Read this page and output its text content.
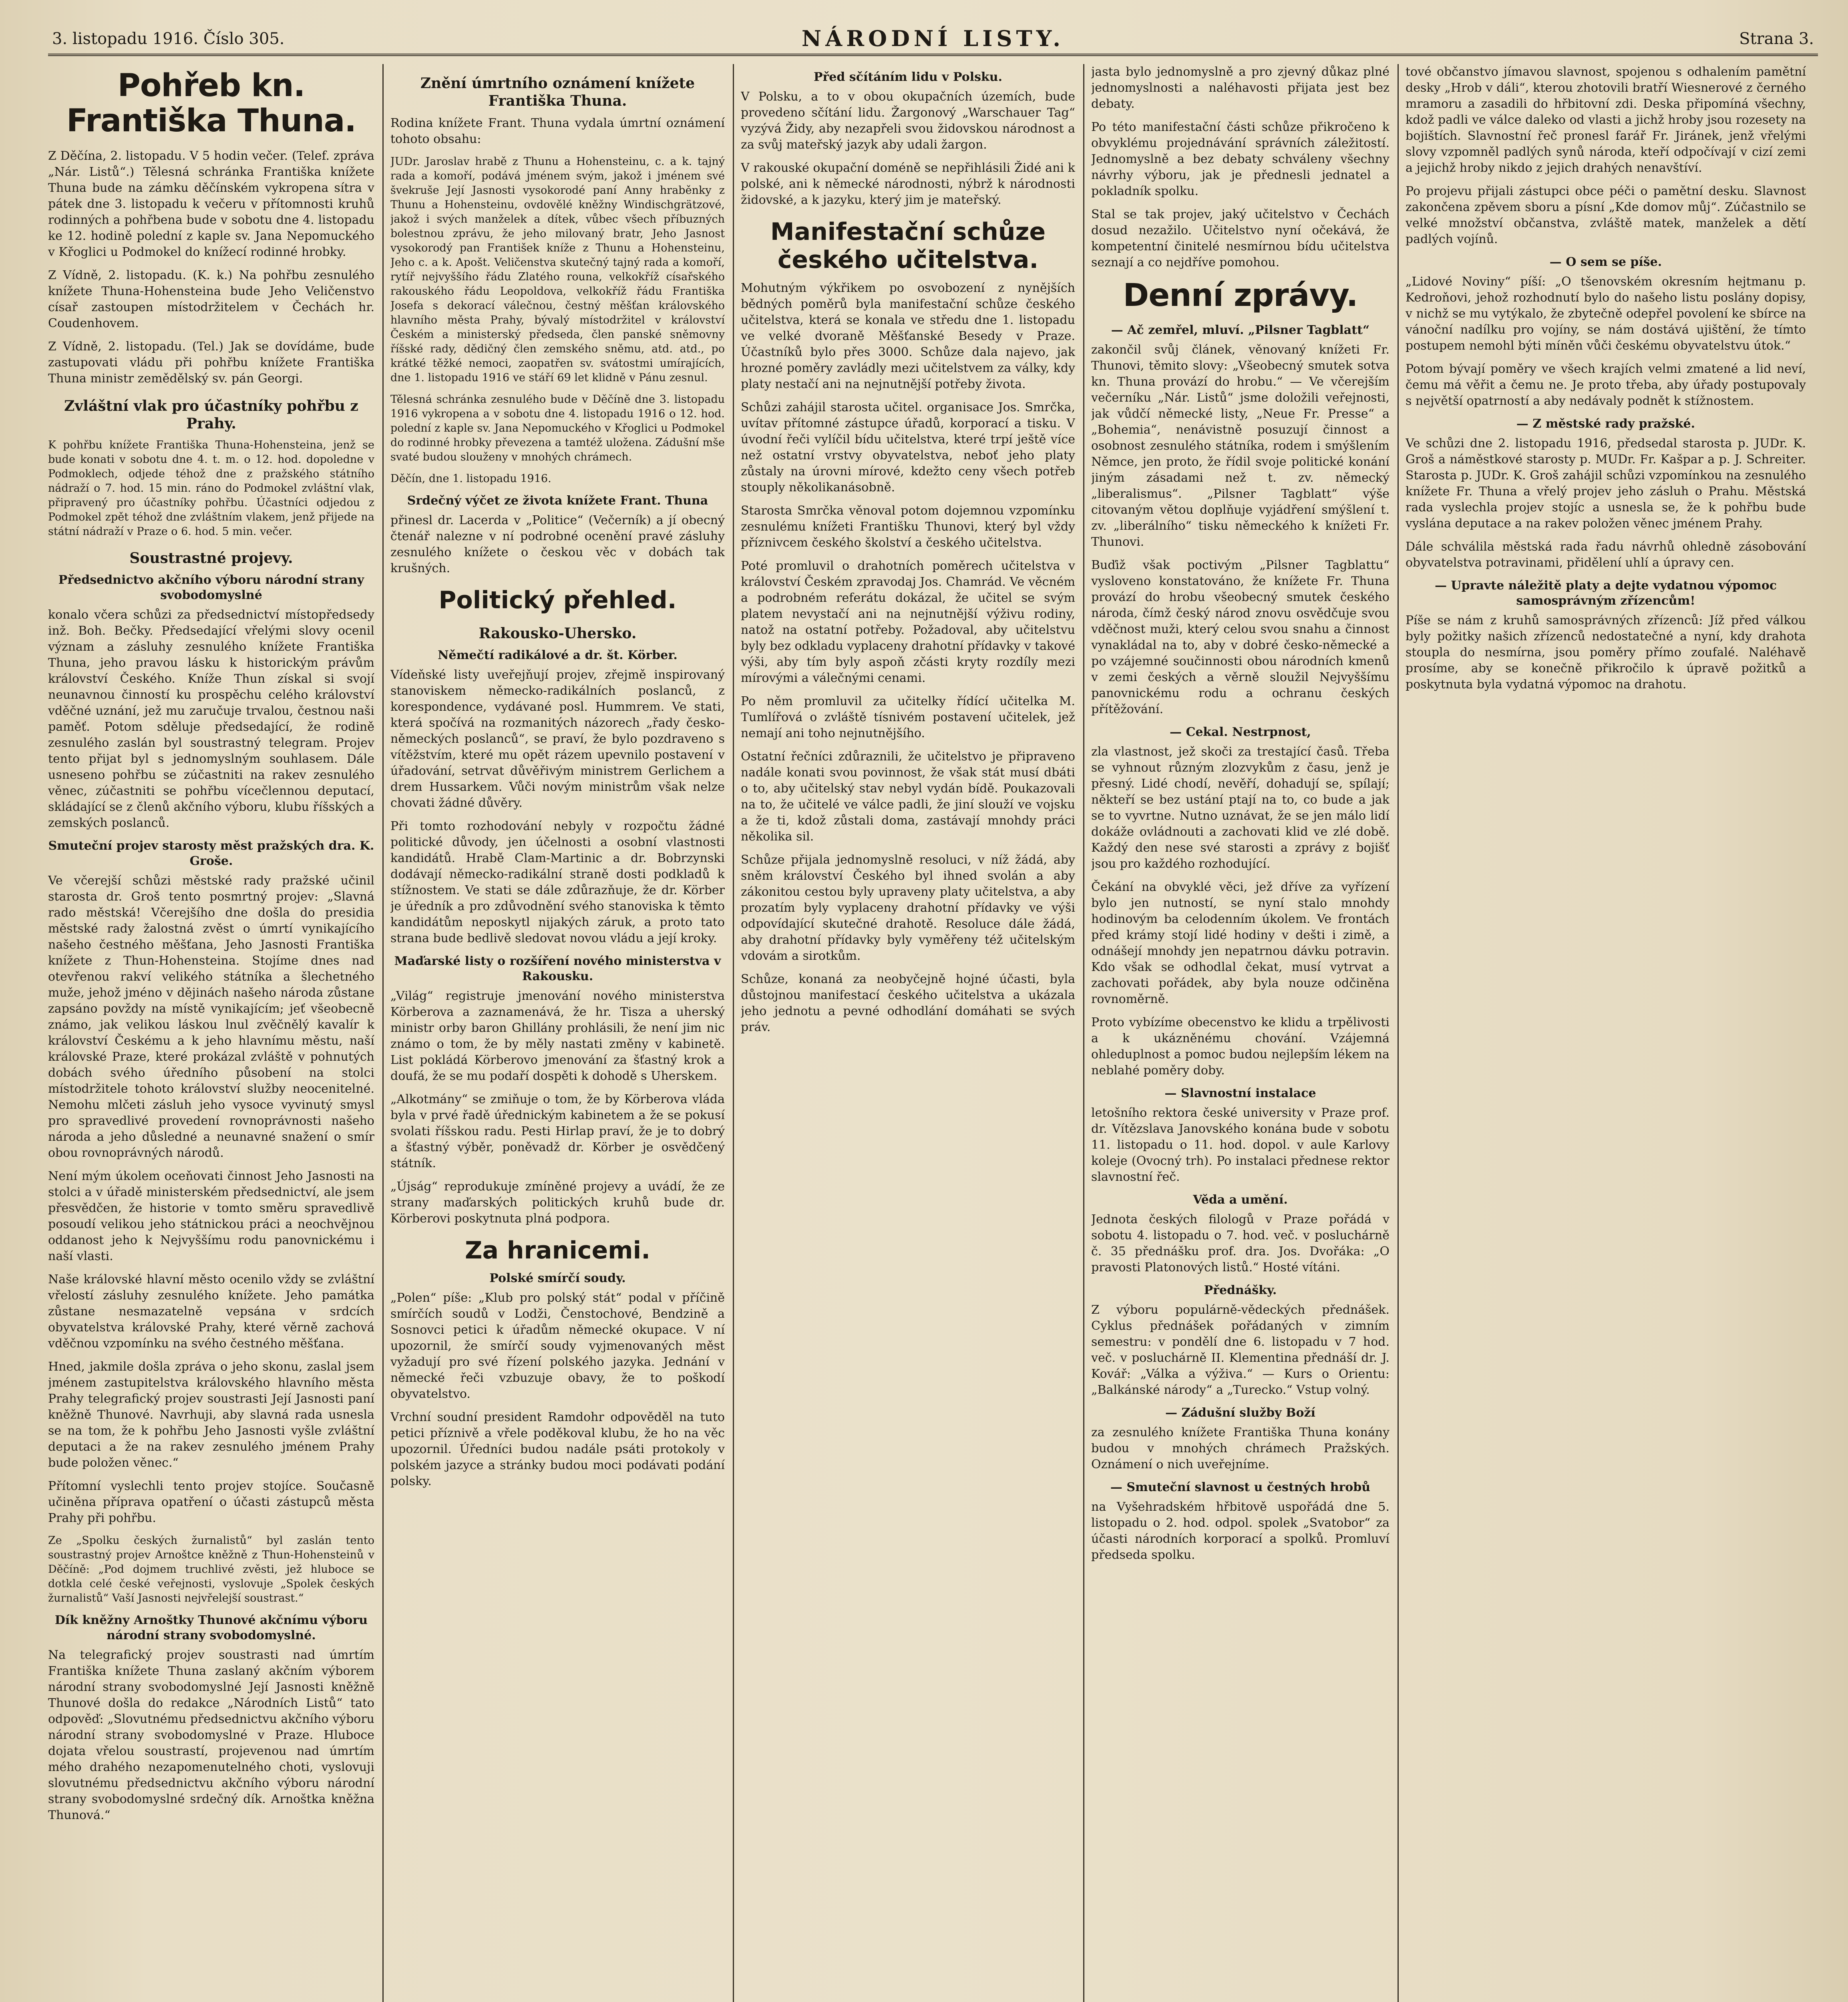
3. listopadu 1916. Číslo 305.	NÁRODNÍ LISTY.	Strana 3.
Pohřeb kn. Františka Thuna.

Z Děčína, 2. listopadu. V 5 hodin večer. (Telef. zpráva „Nár. Listů“.) Tělesná schránka Františka knížete Thuna bude na zámku děčínském vykropena sítra v pátek dne 3. listopadu k večeru v přítomnosti kruhů rodinných a pohřbena bude v sobotu dne 4. listopadu ke 12. hodině polední z kaple sv. Jana Nepomuckého v Křoglici u Podmokel do knížecí rodinné hrobky.

Z Vídně, 2. listopadu. (K. k.) Na pohřbu zesnulého knížete Thuna-Hohensteina bude Jeho Veličenstvo císař zastoupen místodržitelem v Čechách hr. Coudenhovem.

Z Vídně, 2. listopadu. (Tel.) Jak se dovídáme, bude zastupovati vládu při pohřbu knížete Františka Thuna ministr zemědělský sv. pán Georgi.

Zvláštní vlak pro účastníky pohřbu z Prahy.

K pohřbu knížete Františka Thuna-Hohensteina, jenž se bude konati v sobotu dne 4. t. m. o 12. hod. dopoledne v Podmoklech, odjede téhož dne z pražského státního nádraží o 7. hod. 15 min. ráno do Podmokel zvláštní vlak, připravený pro účastníky pohřbu. Účastníci odjedou z Podmokel zpět téhož dne zvláštním vlakem, jenž přijede na státní nádraží v Praze o 6. hod. 5 min. večer.

Soustrastné projevy.
Předsednictvo akčního výboru národní strany svobodomyslné

konalo včera schůzi za předsednictví místopředsedy inž. Boh. Bečky. Předsedající vřelými slovy ocenil význam a zásluhy zesnulého knížete Františka Thuna, jeho pravou lásku k historickým právům království Českého. Kníže Thun získal si svojí neunavnou činností ku prospěchu celého království vděčné uznání, jež mu zaručuje trvalou, čestnou naši paměť. Potom sděluje předsedající, že rodině zesnulého zaslán byl soustrastný telegram. Projev tento přijat byl s jednomyslným souhlasem. Dále usneseno pohřbu se zúčastniti na rakev zesnulého věnec, zúčastniti se pohřbu vícečlennou deputací, skládající se z členů akčního výboru, klubu říšských a zemských poslanců.

Smuteční projev starosty měst pražských dra. K. Groše.

Ve včerejší schůzi městské rady pražské učinil starosta dr. Groš tento posmrtný projev: „Slavná rado městská! Včerejšího dne došla do presidia městské rady žalostná zvěst o úmrtí vynikajícího našeho čestného měšťana, Jeho Jasnosti Františka knížete z Thun-Hohensteina. Stojíme dnes nad otevřenou rakví velikého státníka a šlechetného muže, jehož jméno v dějinách našeho národa zůstane zapsáno povždy na místě vynikajícím; jeť všeobecně známo, jak velikou láskou lnul zvěčnělý kavalír k království Českému a k jeho hlavnímu městu, naší královské Praze, které prokázal zvláště v pohnutých dobách svého úředního působení na stolci místodržitele tohoto království služby neocenitelné. Nemohu mlčeti zásluh jeho vysoce vyvinutý smysl pro spravedlivé provedení rovnoprávnosti našeho národa a jeho důsledné a neunavné snažení o smír obou rovnoprávných národů.

Není mým úkolem oceňovati činnost Jeho Jasnosti na stolci a v úřadě ministerském předsednictví, ale jsem přesvědčen, že historie v tomto směru spravedlivě posoudí velikou jeho státnickou práci a neochvějnou oddanost jeho k Nejvyššímu rodu panovnickému i naší vlasti.

Naše královské hlavní město ocenilo vždy se zvláštní vřelostí zásluhy zesnulého knížete. Jeho památka zůstane nesmazatelně vepsána v srdcích obyvatelstva královské Prahy, které věrně zachová vděčnou vzpomínku na svého čestného měšťana.

Hned, jakmile došla zpráva o jeho skonu, zaslal jsem jménem zastupitelstva královského hlavního města Prahy telegrafický projev soustrasti Její Jasnosti paní kněžně Thunové. Navrhuji, aby slavná rada usnesla se na tom, že k pohřbu Jeho Jasnosti vyšle zvláštní deputaci a že na rakev zesnulého jménem Prahy bude položen věnec.“

Přítomní vyslechli tento projev stojíce. Současně učiněna příprava opatření o účasti zástupců města Prahy při pohřbu.

Ze „Spolku českých žurnalistů“ byl zaslán tento soustrastný projev Arnoštce kněžně z Thun-Hohensteinů v Děčíně: „Pod dojmem truchlivé zvěsti, jež hluboce se dotkla celé české veřejnosti, vyslovuje „Spolek českých žurnalistů“ Vaší Jasnosti nejvřelejší soustrast.“

Dík kněžny Arnoštky Thunové akčnímu výboru národní strany svobodomyslné.

Na telegrafický projev soustrasti nad úmrtím Františka knížete Thuna zaslaný akčním výborem národní strany svobodomyslné Její Jasnosti kněžně Thunové došla do redakce „Národních Listů“ tato odpověď: „Slovutnému předsednictvu akčního výboru národní strany svobodomyslné v Praze. Hluboce dojata vřelou soustrastí, projevenou nad úmrtím mého drahého nezapomenutelného choti, vyslovuji slovutnému předsednictvu akčního výboru národní strany svobodomyslné srdečný dík. Arnoštka kněžna Thunová.“

Znění úmrtního oznámení knížete Františka Thuna.

Rodina knížete Frant. Thuna vydala úmrtní oznámení tohoto obsahu:

JUDr. Jaroslav hrabě z Thunu a Hohensteinu, c. a k. tajný rada a komoří, podává jménem svým, jakož i jménem své švekruše Její Jasnosti vysokorodé paní Anny hraběnky z Thunu a Hohensteinu, ovdovělé kněžny Windischgrätzové, jakož i svých manželek a dítek, vůbec všech příbuzných bolestnou zprávu, že jeho milovaný bratr, Jeho Jasnost vysokorodý pan František kníže z Thunu a Hohensteinu, Jeho c. a k. Apošt. Veličenstva skutečný tajný rada a komoří, rytíř nejvyššího řádu Zlatého rouna, velkokříž císařského rakouského řádu Leopoldova, velkokříž řádu Františka Josefa s dekorací válečnou, čestný měšťan královského hlavního města Prahy, bývalý místodržitel v království Českém a ministerský předseda, člen panské sněmovny říšské rady, dědičný člen zemského sněmu, atd. atd., po krátké těžké nemoci, zaopatřen sv. svátostmi umírajících, dne 1. listopadu 1916 ve stáří 69 let klidně v Pánu zesnul.

Tělesná schránka zesnulého bude v Děčíně dne 3. listopadu 1916 vykropena a v sobotu dne 4. listopadu 1916 o 12. hod. polední z kaple sv. Jana Nepomuckého v Křoglici u Podmokel do rodinné hrobky převezena a tamtéž uložena. Zádušní mše svaté budou slouženy v mnohých chrámech.

Děčín, dne 1. listopadu 1916.

Srdečný výčet ze života knížete Frant. Thuna

přinesl dr. Lacerda v „Politice“ (Večerník) a jí obecný čtenář nalezne v ní podrobné ocenění pravé zásluhy zesnulého knížete o českou věc v dobách tak krušných.

Politický přehled.
Rakousko-Uhersko.
Němečtí radikálové a dr. št. Körber.

Vídeňské listy uveřejňují projev, zřejmě inspirovaný stanoviskem německo-radikálních poslanců, z korespondence, vydávané posl. Hummrem. Ve stati, která spočívá na rozmanitých názorech „řady česko-německých poslanců“, se praví, že bylo pozdraveno s vítěžstvím, které mu opět rázem upevnilo postavení v úřadování, setrvat důvěřivým ministrem Gerlichem a drem Hussarkem. Vůči novým ministrům však nelze chovati žádné důvěry.

Při tomto rozhodování nebyly v rozpočtu žádné politické důvody, jen účelnosti a osobní vlastnosti kandidátů. Hrabě Clam-Martinic a dr. Bobrzynski dodávají německo-radikální straně dosti podkladů k stížnostem. Ve stati se dále zdůrazňuje, že dr. Körber je úředník a pro zdůvodnění svého stanoviska k těmto kandidátům neposkytl nijakých záruk, a proto tato strana bude bedlivě sledovat novou vládu a její kroky.

Maďarské listy o rozšíření nového ministerstva v Rakousku.

„Világ“ registruje jmenování nového ministerstva Körberova a zaznamenává, že hr. Tisza a uherský ministr orby baron Ghillány prohlásili, že není jim nic známo o tom, že by měly nastati změny v kabinetě. List pokládá Körberovo jmenování za šťastný krok a doufá, že se mu podaří dospěti k dohodě s Uherskem.

„Alkotmány“ se zmiňuje o tom, že by Körberova vláda byla v prvé řadě úřednickým kabinetem a že se pokusí svolati říšskou radu. Pesti Hirlap praví, že je to dobrý a šťastný výběr, poněvadž dr. Körber je osvědčený státník.

„Újság“ reprodukuje zmíněné projevy a uvádí, že ze strany maďarských politických kruhů bude dr. Körberovi poskytnuta plná podpora.

Za hranicemi.
Polské smírčí soudy.

„Polen“ píše: „Klub pro polský stát“ podal v příčině smírčích soudů v Lodži, Čenstochové, Bendzině a Sosnovci petici k úřadům německé okupace. V ní upozornil, že smírčí soudy vyjmenovaných měst vyžadují pro své řízení polského jazyka. Jednání v německé řeči vzbuzuje obavy, že to poškodí obyvatelstvo.

Vrchní soudní president Ramdohr odpověděl na tuto petici příznivě a vřele poděkoval klubu, že ho na věc upozornil. Úředníci budou nadále psáti protokoly v polském jazyce a stránky budou moci podávati podání polsky.

Před sčítáním lidu v Polsku.

V Polsku, a to v obou okupačních územích, bude provedeno sčítání lidu. Žargonový „Warschauer Tag“ vyzývá Židy, aby nezapřeli svou židovskou národnost a za svůj mateřský jazyk aby udali žargon.

V rakouské okupační doméně se nepřihlásili Židé ani k polské, ani k německé národnosti, nýbrž k národnosti židovské, a k jazyku, který jim je mateřský.

Manifestační schůze českého učitelstva.

Mohutným výkřikem po osvobození z nynějších bědných poměrů byla manifestační schůze českého učitelstva, která se konala ve středu dne 1. listopadu ve velké dvoraně Měšťanské Besedy v Praze. Účastníků bylo přes 3000. Schůze dala najevo, jak hrozné poměry zavládly mezi učitelstvem za války, kdy platy nestačí ani na nejnutnější potřeby života.

Schůzi zahájil starosta učitel. organisace Jos. Smrčka, uvítav přítomné zástupce úřadů, korporací a tisku. V úvodní řeči vylíčil bídu učitelstva, které trpí ještě více než ostatní vrstvy obyvatelstva, neboť jeho platy zůstaly na úrovni mírové, kdežto ceny všech potřeb stouply několikanásobně.

Starosta Smrčka věnoval potom dojemnou vzpomínku zesnulému knížeti Františku Thunovi, který byl vždy příznivcem českého školství a českého učitelstva.

Poté promluvil o drahotních poměrech učitelstva v království Českém zpravodaj Jos. Chamrád. Ve věcném a podrobném referátu dokázal, že učitel se svým platem nevystačí ani na nejnutnější výživu rodiny, natož na ostatní potřeby. Požadoval, aby učitelstvu byly bez odkladu vyplaceny drahotní přídavky v takové výši, aby tím byly aspoň zčásti kryty rozdíly mezi mírovými a válečnými cenami.

Po něm promluvil za učitelky řídící učitelka M. Tumlířová o zvláště tísnivém postavení učitelek, jež nemají ani toho nejnutnějšího.

Ostatní řečníci zdůraznili, že učitelstvo je připraveno nadále konati svou povinnost, že však stát musí dbáti o to, aby učitelský stav nebyl vydán bídě. Poukazovali na to, že učitelé ve válce padli, že jiní slouží ve vojsku a že ti, kdož zůstali doma, zastávají mnohdy práci několika sil.

Schůze přijala jednomyslně resoluci, v níž žádá, aby sněm království Českého byl ihned svolán a aby zákonitou cestou byly upraveny platy učitelstva, a aby prozatím byly vyplaceny drahotní přídavky ve výši odpovídající skutečné drahotě. Resoluce dále žádá, aby drahotní přídavky byly vyměřeny též učitelským vdovám a sirotkům.

Schůze, konaná za neobyčejně hojné účasti, byla důstojnou manifestací českého učitelstva a ukázala jeho jednotu a pevné odhodlání domáhati se svých práv.

jasta bylo jednomyslně a pro zjevný důkaz plné jednomyslnosti a naléhavosti přijata jest bez debaty.

Po této manifestační části schůze přikročeno k obvyklému projednávání správních záležitostí. Jednomyslně a bez debaty schváleny všechny návrhy výboru, jak je přednesli jednatel a pokladník spolku.

Stal se tak projev, jaký učitelstvo v Čechách dosud nezažilo. Učitelstvo nyní očekává, že kompetentní činitelé nesmírnou bídu učitelstva seznají a co nejdříve pomohou.

Denní zprávy.
— Ač zemřel, mluví. „Pilsner Tagblatt“

zakončil svůj článek, věnovaný knížeti Fr. Thunovi, těmito slovy: „Všeobecný smutek sotva kn. Thuna provází do hrobu.“ — Ve včerejším večerníku „Nár. Listů“ jsme doložili veřejnosti, jak vůdčí německé listy, „Neue Fr. Presse“ a „Bohemia“, nenávistně posuzují činnost a osobnost zesnulého státníka, rodem i smýšlením Němce, jen proto, že řídil svoje politické konání jiným zásadami než t. zv. německý „liberalismus“. „Pilsner Tagblatt“ výše citovaným větou doplňuje vyjádření smýšlení t. zv. „liberálního“ tisku německého k knížeti Fr. Thunovi.

Buďiž však poctivým „Pilsner Tagblattu“ vysloveno konstatováno, že knížete Fr. Thuna provází do hrobu všeobecný smutek českého národa, čímž český národ znovu osvědčuje svou vděčnost muži, který celou svou snahu a činnost vynakládal na to, aby v dobré česko-německé a po vzájemné součinnosti obou národních kmenů v zemi českých a věrně sloužil Nejvyššímu panovnickému rodu a ochranu českých přítěžování.

— Cekal. Nestrpnost,

zla vlastnost, jež skoči za trestající časů. Třeba se vyhnout různým zlozvykům z času, jenž je přesný. Lidé chodí, nevěří, dohadují se, spílají; někteří se bez ustání ptají na to, co bude a jak se to vyvrtne. Nutno uznávat, že se jen málo lidí dokáže ovládnouti a zachovati klid ve zlé době. Každý den nese své starosti a zprávy z bojišť jsou pro každého rozhodující.

Čekání na obvyklé věci, jež dříve za vyřízení bylo jen nutností, se nyní stalo mnohdy hodinovým ba celodenním úkolem. Ve frontách před krámy stojí lidé hodiny v dešti i zimě, a odnášejí mnohdy jen nepatrnou dávku potravin. Kdo však se odhodlal čekat, musí vytrvat a zachovati pořádek, aby byla nouze odčiněna rovnoměrně.

Proto vybízíme obecenstvo ke klidu a trpělivosti a k ukázněnému chování. Vzájemná ohleduplnost a pomoc budou nejlepším lékem na neblahé poměry doby.

— Slavnostní instalace

letošního rektora české university v Praze prof. dr. Vítězslava Janovského konána bude v sobotu 11. listopadu o 11. hod. dopol. v aule Karlovy koleje (Ovocný trh). Po instalaci přednese rektor slavnostní řeč.

Věda a umění.

Jednota českých filologů v Praze pořádá v sobotu 4. listopadu o 7. hod. več. v posluchárně č. 35 přednášku prof. dra. Jos. Dvořáka: „O pravosti Platonových listů.“ Hosté vítáni.

Přednášky.

Z výboru populárně-vědeckých přednášek. Cyklus přednášek pořádaných v zimním semestru: v pondělí dne 6. listopadu v 7 hod. več. v posluchárně II. Klementina přednáší dr. J. Kovář: „Válka a výživa.“ — Kurs o Orientu: „Balkánské národy“ a „Turecko.“ Vstup volný.

— Zádušní služby Boží

za zesnulého knížete Františka Thuna konány budou v mnohých chrámech Pražských. Oznámení o nich uveřejníme.

— Smuteční slavnost u čestných hrobů

na Vyšehradském hřbitově uspořádá dne 5. listopadu o 2. hod. odpol. spolek „Svatobor“ za účasti národních korporací a spolků. Promluví předseda spolku.

tové občanstvo jímavou slavnost, spojenou s odhalením pamětní desky „Hrob v dáli“, kterou zhotovili bratří Wiesnerové z černého mramoru a zasadili do hřbitovní zdi. Deska připomíná všechny, kdož padli ve válce daleko od vlasti a jichž hroby jsou rozesety na bojištích. Slavnostní řeč pronesl farář Fr. Jiránek, jenž vřelými slovy vzpomněl padlých synů národa, kteří odpočívají v cizí zemi a jejichž hroby nikdo z jejich drahých nenavštíví.

Po projevu přijali zástupci obce péči o pamětní desku. Slavnost zakončena zpěvem sboru a písní „Kde domov můj“. Zúčastnilo se velké množství občanstva, zvláště matek, manželek a dětí padlých vojínů.

— O sem se píše.

„Lidové Noviny“ píší: „O tšenovském okresním hejtmanu p. Kedroňovi, jehož rozhodnutí bylo do našeho listu poslány dopisy, v nichž se mu vytýkalo, že zbytečně odepřel povolení ke sbírce na vánoční nadílku pro vojíny, se nám dostává ujištění, že tímto postupem nemohl býti míněn vůči českému obyvatelstvu útok.“

Potom bývají poměry ve všech krajích velmi zmatené a lid neví, čemu má věřit a čemu ne. Je proto třeba, aby úřady postupovaly s největší opatrností a aby nedávaly podnět k stížnostem.

— Z městské rady pražské.

Ve schůzi dne 2. listopadu 1916, předsedal starosta p. JUDr. K. Groš a náměstkové starosty p. MUDr. Fr. Kašpar a p. J. Schreiter. Starosta p. JUDr. K. Groš zahájil schůzi vzpomínkou na zesnulého knížete Fr. Thuna a vřelý projev jeho zásluh o Prahu. Městská rada vyslechla projev stojíc a usnesla se, že k pohřbu bude vyslána deputace a na rakev položen věnec jménem Prahy.

Dále schválila městská rada řadu návrhů ohledně zásobování obyvatelstva potravinami, přidělení uhlí a úpravy cen.

— Upravte náležitě platy a dejte vydatnou výpomoc samosprávným zřízencům!

Píše se nám z kruhů samosprávných zřízenců: Jíž před válkou byly požitky našich zřízenců nedostatečné a nyní, kdy drahota stoupla do nesmírna, jsou poměry přímo zoufalé. Naléhavě prosíme, aby se konečně přikročilo k úpravě požitků a poskytnuta byla vydatná výpomoc na drahotu.
